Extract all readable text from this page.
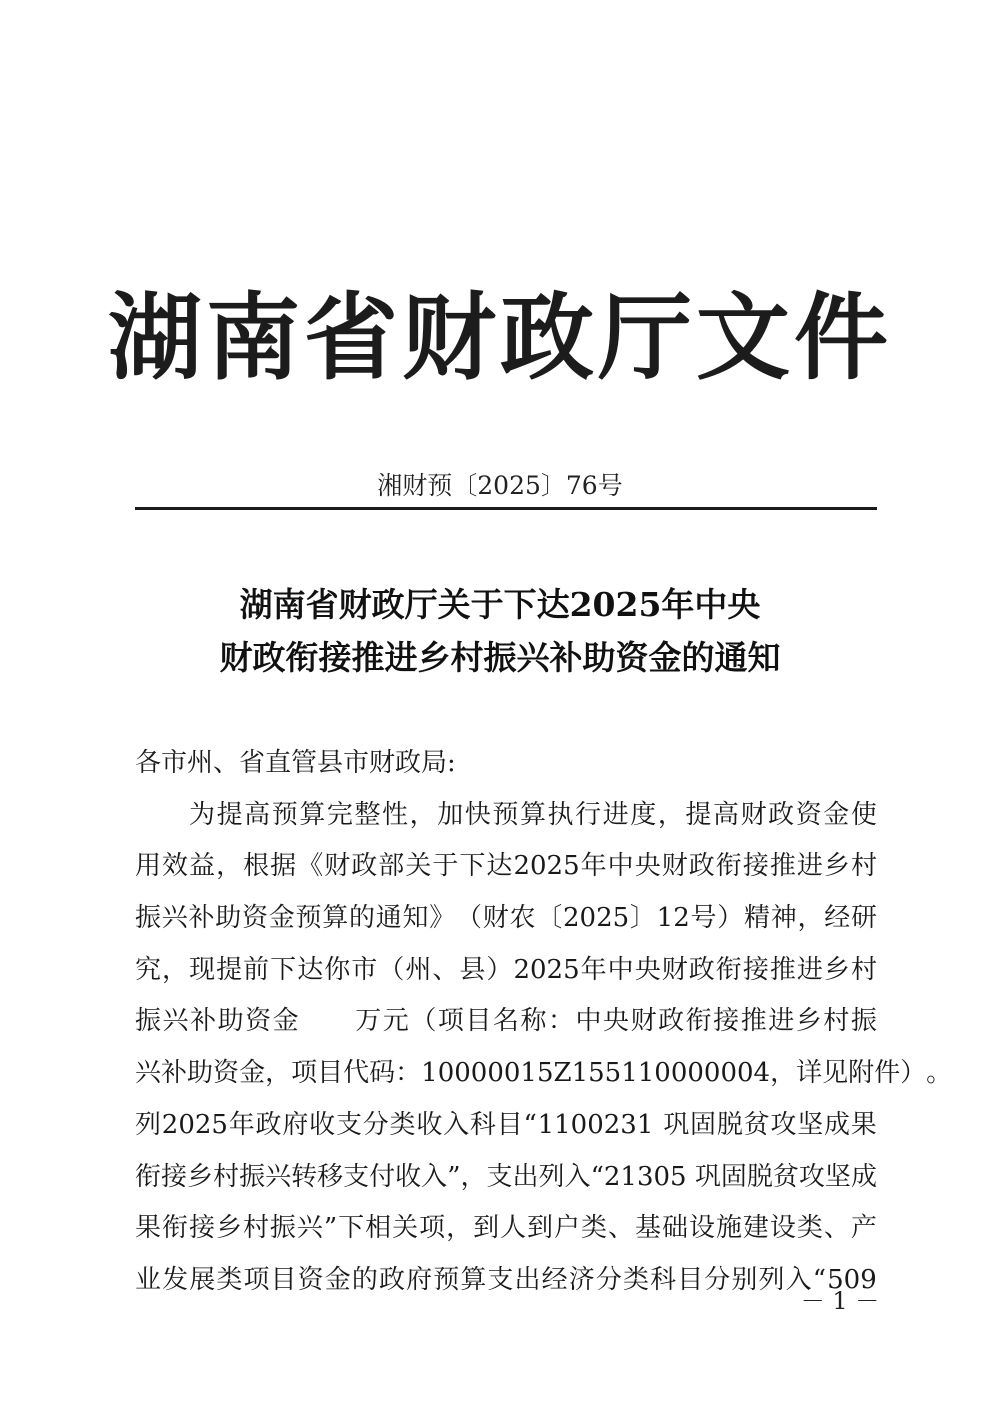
湖南省财政厅文件
湘财预〔2025〕76号
湖南省财政厅关于下达2025年中央
财政衔接推进乡村振兴补助资金的通知
各市州、省直管县市财政局:
为 提 高 预 算 完 整 性 ， 加 快 预 算 执 行 进 度 ， 提 高 财 政 资 金 使
用 效 益 ， 根 据 《 财 政 部 关 于 下 达 2025 年 中 央 财 政 衔 接 推 进 乡 村
振 兴 补 助 资 金 预 算 的 通 知 》 （ 财 农 〔 2025 〕 12 号 ） 精 神 ， 经 研
究 ， 现 提 前 下 达 你 市 （ 州 、 县 ） 2025 年 中 央 财 政 衔 接 推 进 乡 村
振 兴 补 助 资 金

　 万 元 （ 项 目 名 称 ： 中 央 财 政 衔 接 推 进 乡 村 振
兴 补 助 资 金 ， 项 目 代 码 ： 10000015Z155110000004 ， 详 见 附 件 ） 。
列 2025 年 政 府 收 支 分 类 收 入 科 目 “ 1100231
巩 固 脱 贫 攻 坚 成 果
衔 接 乡 村 振 兴 转 移 支 付 收 入 ” ， 支 出 列 入 “ 21305
巩 固 脱 贫 攻 坚 成
果 衔 接 乡 村 振 兴 ” 下 相 关 项 ， 到 人 到 户 类 、 基 础 设 施 建 设 类 、 产
业 发 展 类 项 目 资 金 的 政 府 预 算 支 出 经 济 分 类 科 目 分 别 列 入 “ 509
－ 1 －
